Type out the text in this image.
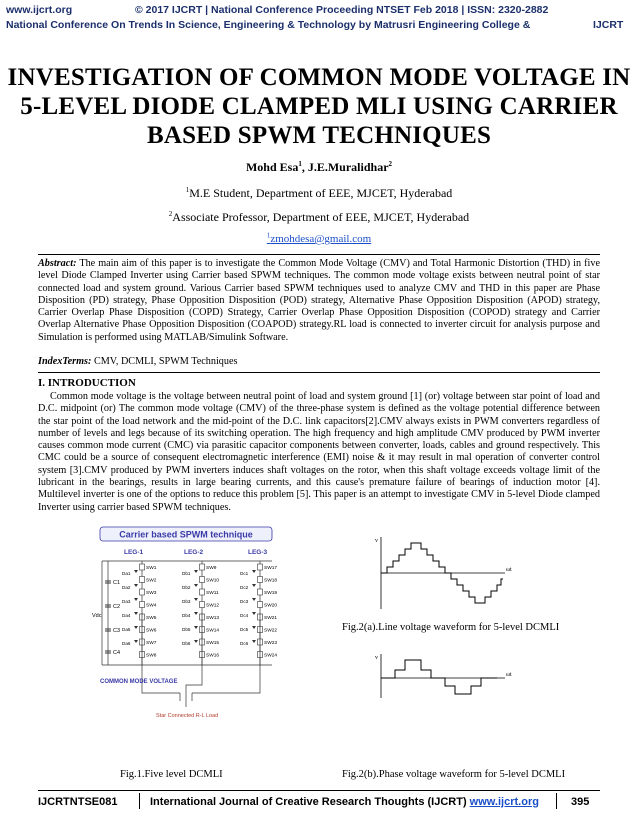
www.ijcrt.org	© 2017 IJCRT | National Conference Proceeding NTSET Feb 2018 | ISSN: 2320-2882
National Conference On Trends In Science, Engineering & Technology by Matrusri Engineering College &	IJCRT
INVESTIGATION OF COMMON MODE VOLTAGE IN 5-LEVEL DIODE CLAMPED MLI USING CARRIER BASED SPWM TECHNIQUES
Mohd Esa$^1$, J.E.Muralidhar$^2$
$^1$M.E Student, Department of EEE, MJCET, Hyderabad
$^2$Associate Professor, Department of EEE, MJCET, Hyderabad
$^1$zmohdesa@gmail.com
Abstract: The main aim of this paper is to investigate the Common Mode Voltage (CMV) and Total Harmonic Distortion (THD) in five level Diode Clamped Inverter using Carrier based SPWM techniques. The common mode voltage exists between neutral point of star connected load and system ground. Various Carrier based SPWM techniques used to analyze CMV and THD in this paper are Phase Disposition (PD) strategy, Phase Opposition Disposition (POD) strategy, Alternative Phase Opposition Disposition (APOD) strategy, Carrier Overlap Phase Disposition (COPD) Strategy, Carrier Overlap Phase Opposition Disposition (COPOD) strategy and Carrier Overlap Alternative Phase Opposition Disposition (COAPOD) strategy.RL load is connected to inverter circuit for analysis purpose and Simulation is performed using MATLAB/Simulink Software.
IndexTerms: CMV, DCMLI, SPWM Techniques
I. INTRODUCTION
Common mode voltage is the voltage between neutral point of load and system ground [1] (or) voltage between star point of load and D.C. midpoint (or) The common mode voltage (CMV) of the three-phase system is defined as the voltage potential difference between the star point of the load network and the mid-point of the D.C. link capacitors[2].CMV always exists in PWM converters regardless of number of levels and legs because of its switching operation. The high frequency and high amplitude CMV produced by PWM inverter causes common mode current (CMC) via parasitic capacitor components between converter, loads, cables and ground respectively. This CMC could be a source of consequent electromagnetic interference (EMI) noise & it may result in mal operation of converter control system [3].CMV produced by PWM inverters induces shaft voltages on the rotor, when this shaft voltage exceeds voltage limit of the lubricant in the bearings, results in large bearing currents, and this cause's premature failure of bearings of induction motor [4]. Multilevel inverter is one of the options to reduce this problem [5]. This paper is an attempt to investigate CMV in 5-level Diode clamped Inverter using carrier based SPWM techniques.
Carrier based SPWM technique
LEG-1	LEG-2	LEG-3
Vdc
C1
C2
C3
C4
SW1
SW2
SW3
SW4
SW5
SW6
SW7
SW8
Da1
Da2
Da3
Da4
Da5
Da6
SW9
SW10
SW11
SW12
SW13
SW14
SW15
SW16
Db1
Db2
Db3
Db4
Db5
Db6
SW17
SW18
SW19
SW20
SW21
SW22
SW23
SW24
Dc1
Dc2
Dc3
Dc4
Dc5
Dc6
COMMON MODE VOLTAGE
Star Connected R-L Load
v
ωt
Fig.2(a).Line voltage waveform for 5-level DCMLI
v
ωt
Fig.1.Five level DCMLI	Fig.2(b).Phase voltage waveform for 5-level DCMLI
IJCRTNTSE081	International Journal of Creative Research Thoughts (IJCRT) www.ijcrt.org	395
